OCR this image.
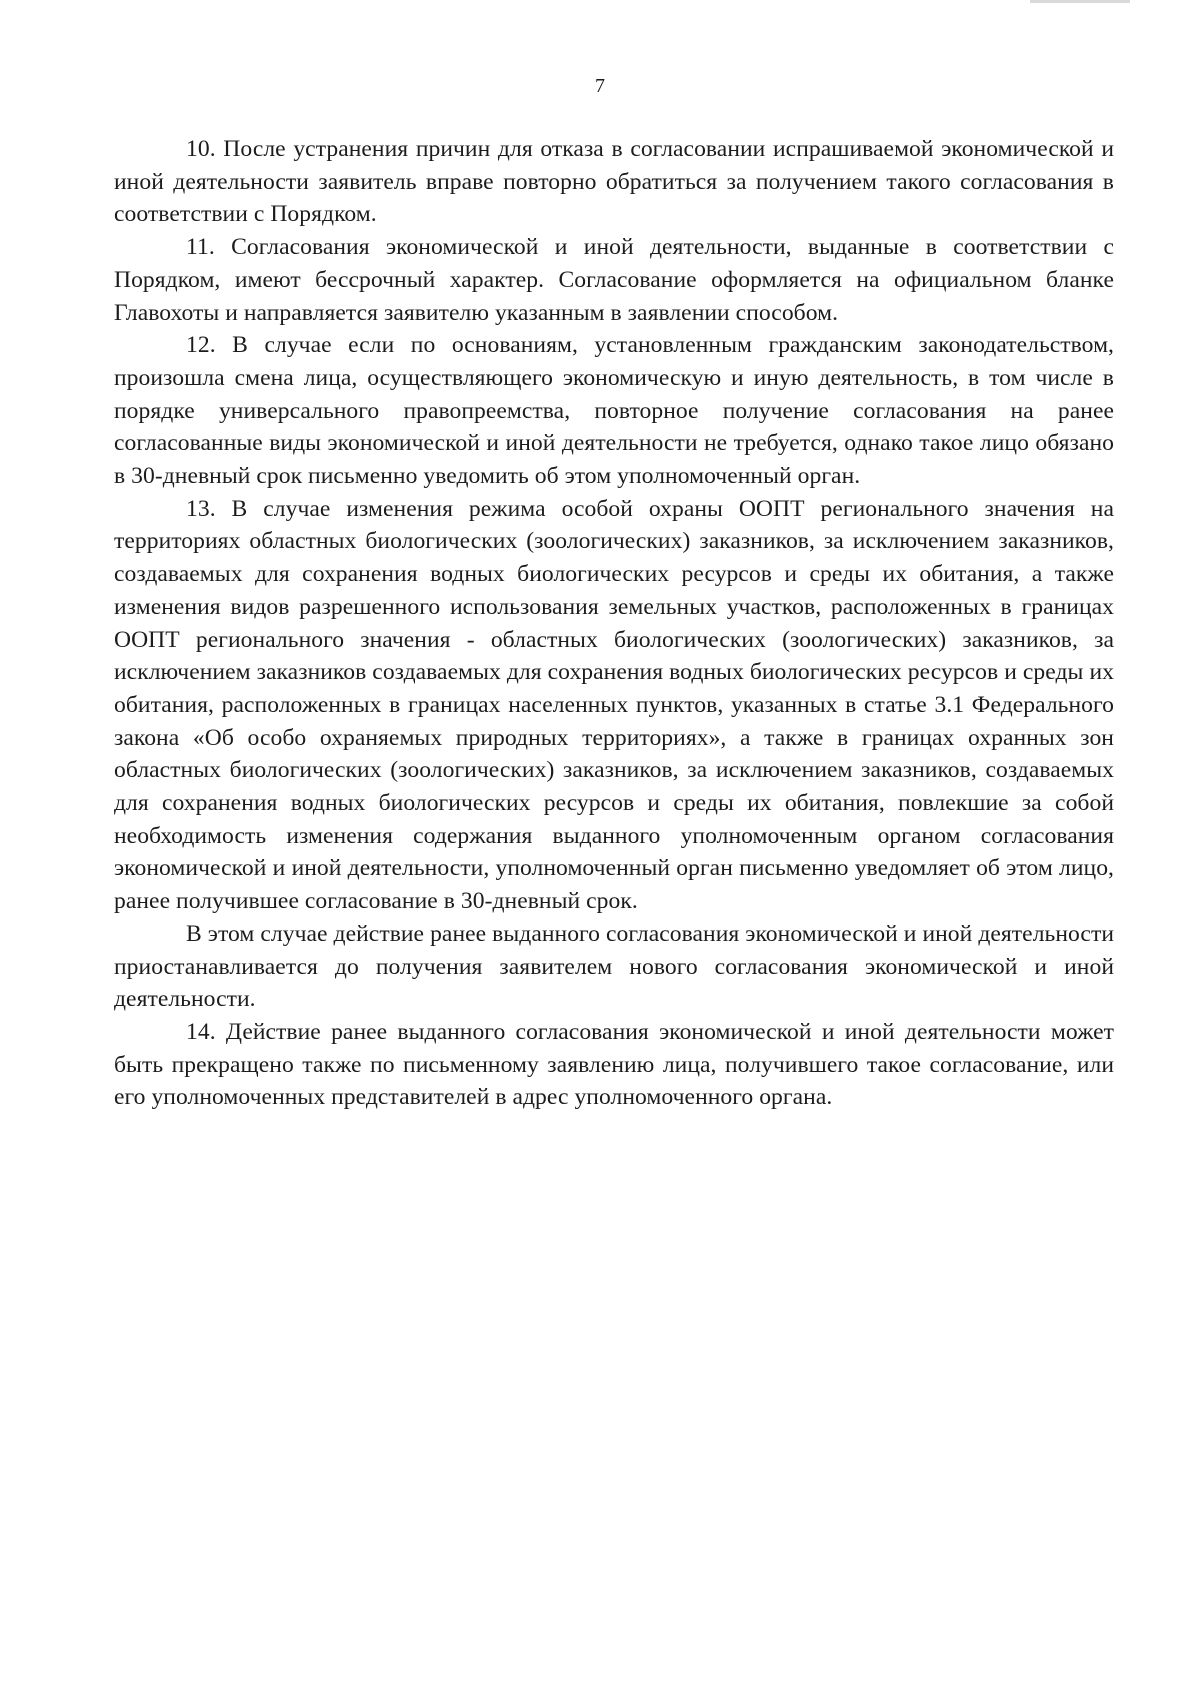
7

10. После устранения причин для отказа в согласовании испрашиваемой экономической и иной деятельности заявитель вправе повторно обратиться за получением такого согласования в соответствии с Порядком.

11. Согласования экономической и иной деятельности, выданные в соответствии с Порядком, имеют бессрочный характер. Согласование оформляется на официальном бланке Главохоты и направляется заявителю указанным в заявлении способом.

12. В случае если по основаниям, установленным гражданским законодательством, произошла смена лица, осуществляющего экономическую и иную деятельность, в том числе в порядке универсального правопреемства, повторное получение согласования на ранее согласованные виды экономической и иной деятельности не требуется, однако такое лицо обязано в 30-дневный срок письменно уведомить об этом уполномоченный орган.

13. В случае изменения режима особой охраны ООПТ регионального значения на территориях областных биологических (зоологических) заказников, за исключением заказников, создаваемых для сохранения водных биологических ресурсов и среды их обитания, а также изменения видов разрешенного использования земельных участков, расположенных в границах ООПТ регионального значения - областных биологических (зоологических) заказников, за исключением заказников создаваемых для сохранения водных биологических ресурсов и среды их обитания, расположенных в границах населенных пунктов, указанных в статье 3.1 Федерального закона «Об особо охраняемых природных территориях», а также в границах охранных зон областных биологических (зоологических) заказников, за исключением заказников, создаваемых для сохранения водных биологических ресурсов и среды их обитания, повлекшие за собой необходимость изменения содержания выданного уполномоченным органом согласования экономической и иной деятельности, уполномоченный орган письменно уведомляет об этом лицо, ранее получившее согласование в 30-дневный срок.

В этом случае действие ранее выданного согласования экономической и иной деятельности приостанавливается до получения заявителем нового согласования экономической и иной деятельности.

14. Действие ранее выданного согласования экономической и иной деятельности может быть прекращено также по письменному заявлению лица, получившего такое согласование, или его уполномоченных представителей в адрес уполномоченного органа.
